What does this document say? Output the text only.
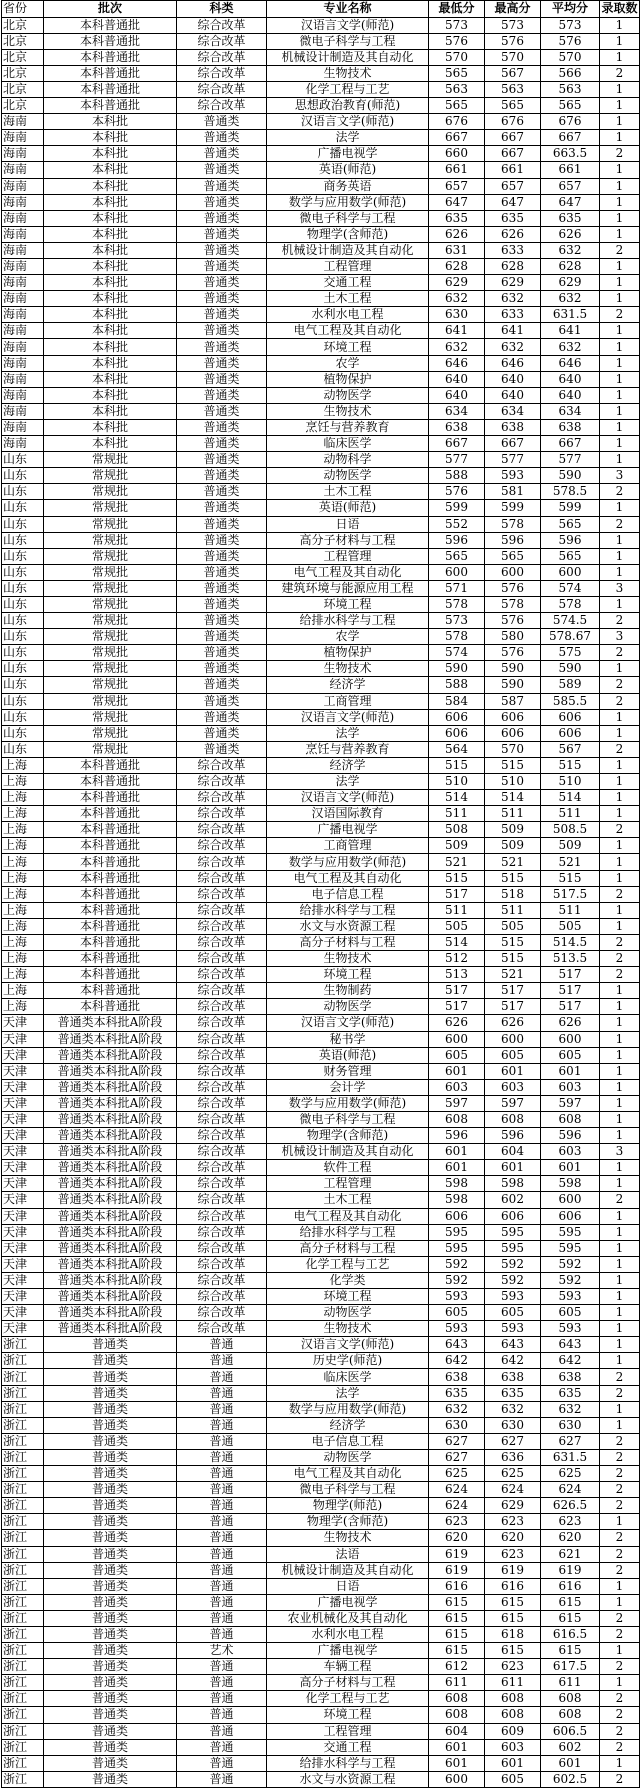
省份	批次	科类	专业名称	最低分	最高分	平均分	录取数
北京	本科普通批	综合改革	汉语言文学(师范)	573	573	573	1
北京	本科普通批	综合改革	微电子科学与工程	576	576	576	1
北京	本科普通批	综合改革	机械设计制造及其自动化	570	570	570	1
北京	本科普通批	综合改革	生物技术	565	567	566	2
北京	本科普通批	综合改革	化学工程与工艺	563	563	563	1
北京	本科普通批	综合改革	思想政治教育(师范)	565	565	565	1
海南	本科批	普通类	汉语言文学(师范)	676	676	676	1
海南	本科批	普通类	法学	667	667	667	1
海南	本科批	普通类	广播电视学	660	667	663.5	2
海南	本科批	普通类	英语(师范)	661	661	661	1
海南	本科批	普通类	商务英语	657	657	657	1
海南	本科批	普通类	数学与应用数学(师范)	647	647	647	1
海南	本科批	普通类	微电子科学与工程	635	635	635	1
海南	本科批	普通类	物理学(含师范)	626	626	626	1
海南	本科批	普通类	机械设计制造及其自动化	631	633	632	2
海南	本科批	普通类	工程管理	628	628	628	1
海南	本科批	普通类	交通工程	629	629	629	1
海南	本科批	普通类	土木工程	632	632	632	1
海南	本科批	普通类	水利水电工程	630	633	631.5	2
海南	本科批	普通类	电气工程及其自动化	641	641	641	1
海南	本科批	普通类	环境工程	632	632	632	1
海南	本科批	普通类	农学	646	646	646	1
海南	本科批	普通类	植物保护	640	640	640	1
海南	本科批	普通类	动物医学	640	640	640	1
海南	本科批	普通类	生物技术	634	634	634	1
海南	本科批	普通类	烹饪与营养教育	638	638	638	1
海南	本科批	普通类	临床医学	667	667	667	1
山东	常规批	普通类	动物科学	577	577	577	1
山东	常规批	普通类	动物医学	588	593	590	3
山东	常规批	普通类	土木工程	576	581	578.5	2
山东	常规批	普通类	英语(师范)	599	599	599	1
山东	常规批	普通类	日语	552	578	565	2
山东	常规批	普通类	高分子材料与工程	596	596	596	1
山东	常规批	普通类	工程管理	565	565	565	1
山东	常规批	普通类	电气工程及其自动化	600	600	600	1
山东	常规批	普通类	建筑环境与能源应用工程	571	576	574	3
山东	常规批	普通类	环境工程	578	578	578	1
山东	常规批	普通类	给排水科学与工程	573	576	574.5	2
山东	常规批	普通类	农学	578	580	578.67	3
山东	常规批	普通类	植物保护	574	576	575	2
山东	常规批	普通类	生物技术	590	590	590	1
山东	常规批	普通类	经济学	588	590	589	2
山东	常规批	普通类	工商管理	584	587	585.5	2
山东	常规批	普通类	汉语言文学(师范)	606	606	606	1
山东	常规批	普通类	法学	606	606	606	1
山东	常规批	普通类	烹饪与营养教育	564	570	567	2
上海	本科普通批	综合改革	经济学	515	515	515	1
上海	本科普通批	综合改革	法学	510	510	510	1
上海	本科普通批	综合改革	汉语言文学(师范)	514	514	514	1
上海	本科普通批	综合改革	汉语国际教育	511	511	511	1
上海	本科普通批	综合改革	广播电视学	508	509	508.5	2
上海	本科普通批	综合改革	工商管理	509	509	509	1
上海	本科普通批	综合改革	数学与应用数学(师范)	521	521	521	1
上海	本科普通批	综合改革	电气工程及其自动化	515	515	515	1
上海	本科普通批	综合改革	电子信息工程	517	518	517.5	2
上海	本科普通批	综合改革	给排水科学与工程	511	511	511	1
上海	本科普通批	综合改革	水文与水资源工程	505	505	505	1
上海	本科普通批	综合改革	高分子材料与工程	514	515	514.5	2
上海	本科普通批	综合改革	生物技术	512	515	513.5	2
上海	本科普通批	综合改革	环境工程	513	521	517	2
上海	本科普通批	综合改革	生物制药	517	517	517	1
上海	本科普通批	综合改革	动物医学	517	517	517	1
天津	普通类本科批A阶段	综合改革	汉语言文学(师范)	626	626	626	1
天津	普通类本科批A阶段	综合改革	秘书学	600	600	600	1
天津	普通类本科批A阶段	综合改革	英语(师范)	605	605	605	1
天津	普通类本科批A阶段	综合改革	财务管理	601	601	601	1
天津	普通类本科批A阶段	综合改革	会计学	603	603	603	1
天津	普通类本科批A阶段	综合改革	数学与应用数学(师范)	597	597	597	1
天津	普通类本科批A阶段	综合改革	微电子科学与工程	608	608	608	1
天津	普通类本科批A阶段	综合改革	物理学(含师范)	596	596	596	1
天津	普通类本科批A阶段	综合改革	机械设计制造及其自动化	601	604	603	3
天津	普通类本科批A阶段	综合改革	软件工程	601	601	601	1
天津	普通类本科批A阶段	综合改革	工程管理	598	598	598	1
天津	普通类本科批A阶段	综合改革	土木工程	598	602	600	2
天津	普通类本科批A阶段	综合改革	电气工程及其自动化	606	606	606	1
天津	普通类本科批A阶段	综合改革	给排水科学与工程	595	595	595	1
天津	普通类本科批A阶段	综合改革	高分子材料与工程	595	595	595	1
天津	普通类本科批A阶段	综合改革	化学工程与工艺	592	592	592	1
天津	普通类本科批A阶段	综合改革	化学类	592	592	592	1
天津	普通类本科批A阶段	综合改革	环境工程	593	593	593	1
天津	普通类本科批A阶段	综合改革	动物医学	605	605	605	1
天津	普通类本科批A阶段	综合改革	生物技术	593	593	593	1
浙江	普通类	普通	汉语言文学(师范)	643	643	643	1
浙江	普通类	普通	历史学(师范)	642	642	642	1
浙江	普通类	普通	临床医学	638	638	638	2
浙江	普通类	普通	法学	635	635	635	2
浙江	普通类	普通	数学与应用数学(师范)	632	632	632	1
浙江	普通类	普通	经济学	630	630	630	1
浙江	普通类	普通	电子信息工程	627	627	627	2
浙江	普通类	普通	动物医学	627	636	631.5	2
浙江	普通类	普通	电气工程及其自动化	625	625	625	2
浙江	普通类	普通	微电子科学与工程	624	624	624	2
浙江	普通类	普通	物理学(师范)	624	629	626.5	2
浙江	普通类	普通	物理学(含师范)	623	623	623	1
浙江	普通类	普通	生物技术	620	620	620	2
浙江	普通类	普通	法语	619	623	621	2
浙江	普通类	普通	机械设计制造及其自动化	619	619	619	2
浙江	普通类	普通	日语	616	616	616	1
浙江	普通类	普通	广播电视学	615	615	615	1
浙江	普通类	普通	农业机械化及其自动化	615	615	615	2
浙江	普通类	普通	水利水电工程	615	618	616.5	2
浙江	普通类	艺术	广播电视学	615	615	615	1
浙江	普通类	普通	车辆工程	612	623	617.5	2
浙江	普通类	普通	高分子材料与工程	611	611	611	1
浙江	普通类	普通	化学工程与工艺	608	608	608	2
浙江	普通类	普通	环境工程	608	608	608	2
浙江	普通类	普通	工程管理	604	609	606.5	2
浙江	普通类	普通	交通工程	601	603	602	2
浙江	普通类	普通	给排水科学与工程	601	601	601	1
浙江	普通类	普通	水文与水资源工程	600	605	602.5	2
